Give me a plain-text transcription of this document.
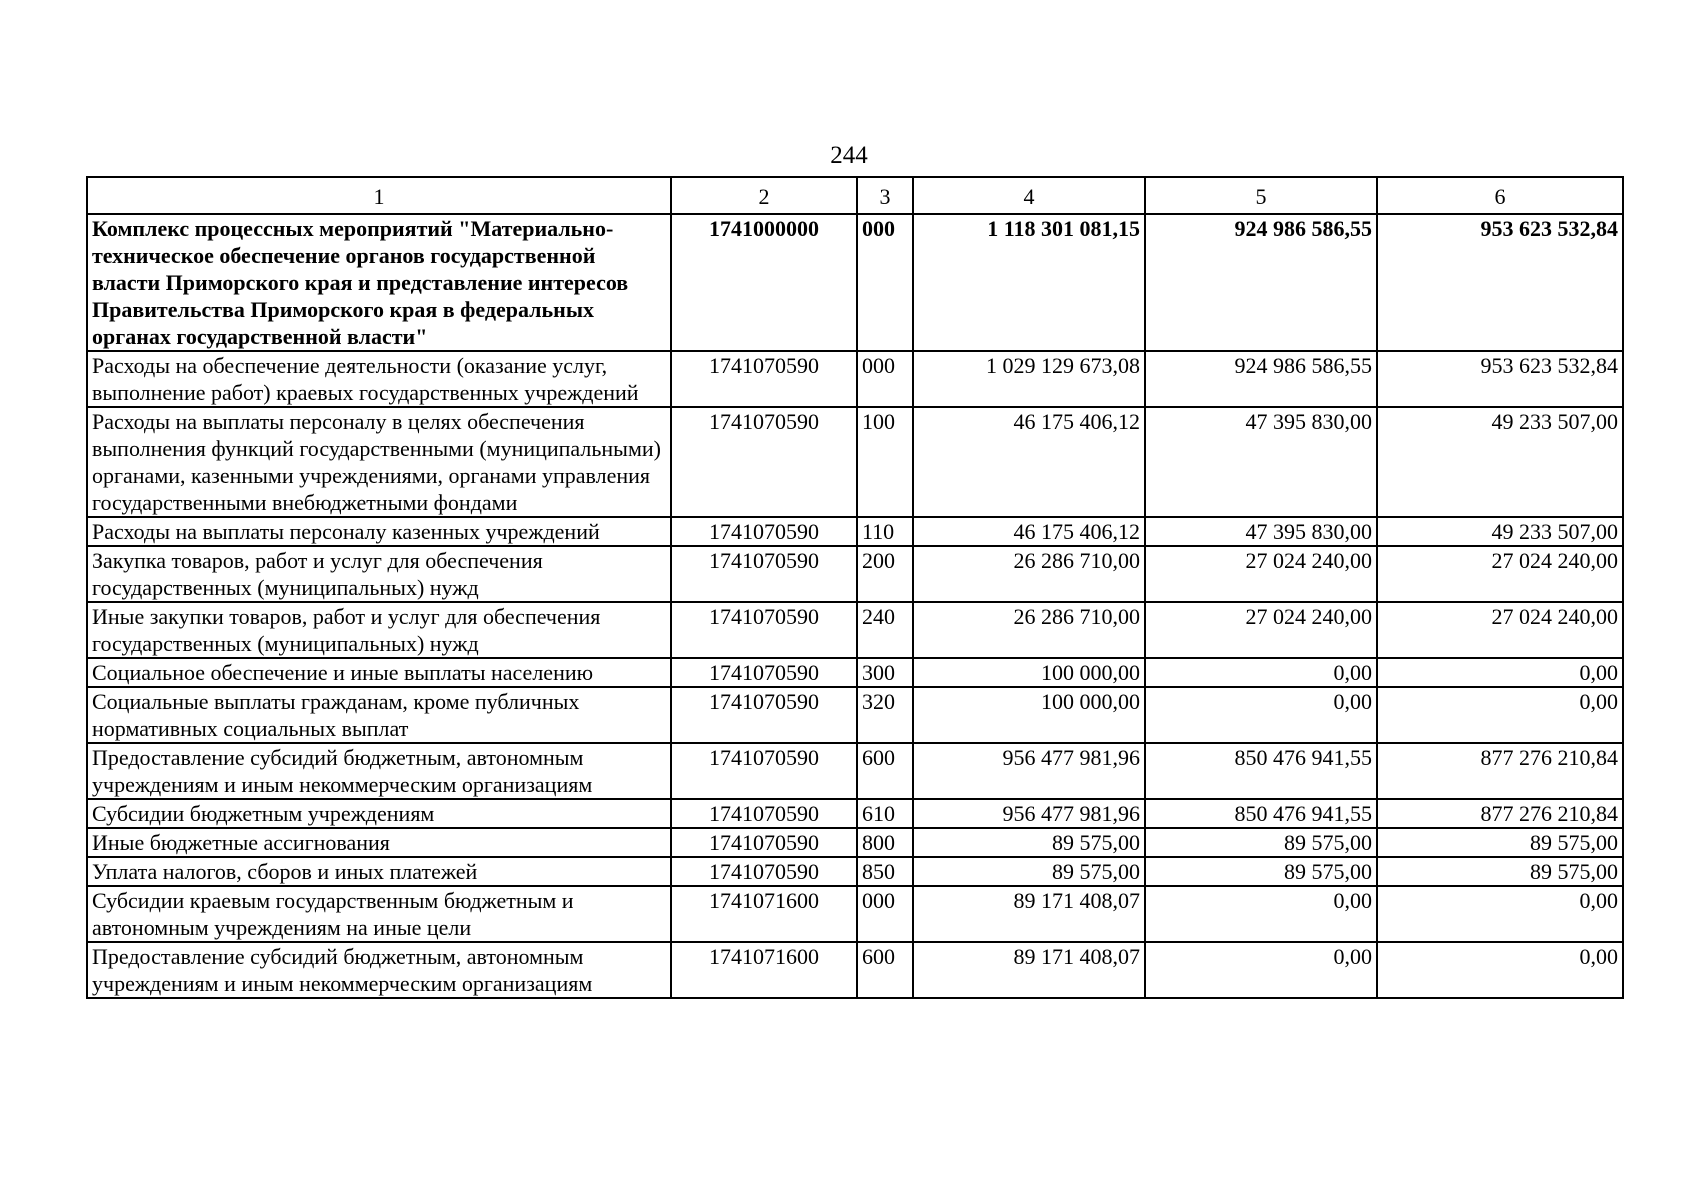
244
1	2	3	4	5	6
Комплекс процессных мероприятий "Материально-техническое обеспечение органов государственной власти Приморского края и представление интересов Правительства Приморского края в федеральных органах государственной власти"	1741000000	000	1 118 301 081,15	924 986 586,55	953 623 532,84
Расходы на обеспечение деятельности (оказание услуг, выполнение работ) краевых государственных учреждений	1741070590	000	1 029 129 673,08	924 986 586,55	953 623 532,84
Расходы на выплаты персоналу в целях обеспечения выполнения функций государственными (муниципальными) органами, казенными учреждениями, органами управления государственными внебюджетными фондами	1741070590	100	46 175 406,12	47 395 830,00	49 233 507,00
Расходы на выплаты персоналу казенных учреждений	1741070590	110	46 175 406,12	47 395 830,00	49 233 507,00
Закупка товаров, работ и услуг для обеспечения государственных (муниципальных) нужд	1741070590	200	26 286 710,00	27 024 240,00	27 024 240,00
Иные закупки товаров, работ и услуг для обеспечения государственных (муниципальных) нужд	1741070590	240	26 286 710,00	27 024 240,00	27 024 240,00
Социальное обеспечение и иные выплаты населению	1741070590	300	100 000,00	0,00	0,00
Социальные выплаты гражданам, кроме публичных нормативных социальных выплат	1741070590	320	100 000,00	0,00	0,00
Предоставление субсидий бюджетным, автономным учреждениям и иным некоммерческим организациям	1741070590	600	956 477 981,96	850 476 941,55	877 276 210,84
Субсидии бюджетным учреждениям	1741070590	610	956 477 981,96	850 476 941,55	877 276 210,84
Иные бюджетные ассигнования	1741070590	800	89 575,00	89 575,00	89 575,00
Уплата налогов, сборов и иных платежей	1741070590	850	89 575,00	89 575,00	89 575,00
Субсидии краевым государственным бюджетным и автономным учреждениям на иные цели	1741071600	000	89 171 408,07	0,00	0,00
Предоставление субсидий бюджетным, автономным учреждениям и иным некоммерческим организациям	1741071600	600	89 171 408,07	0,00	0,00
